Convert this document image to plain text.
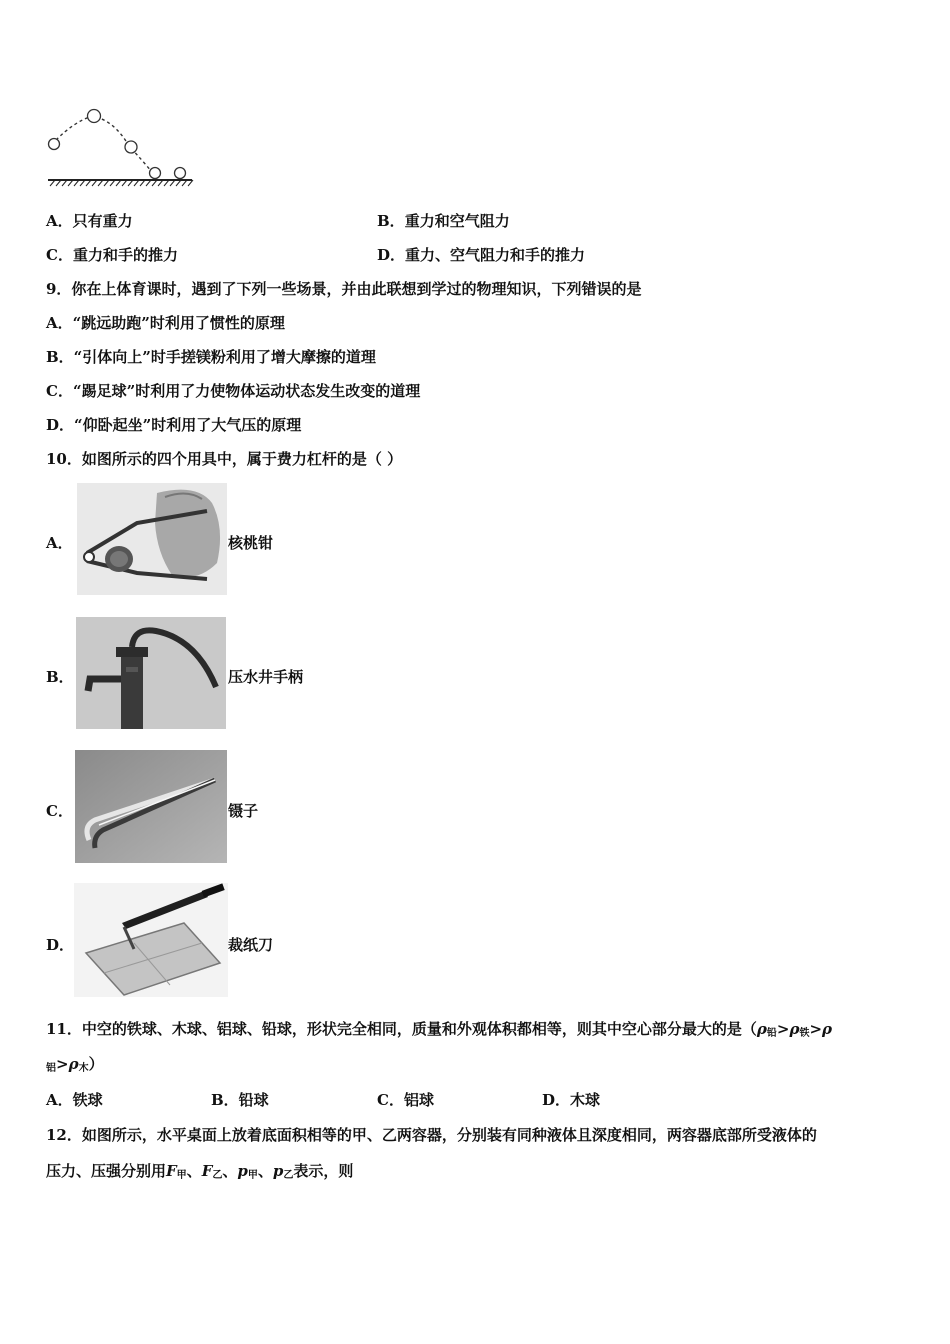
A．只有重力	B．重力和空气阻力
C．重力和手的推力	D．重力、空气阻力和手的推力
9．你在上体育课时，遇到了下列一些场景，并由此联想到学过的物理知识，下列错误的是
A．“跳远助跑”时利用了惯性的原理
B．“引体向上”时手搓镁粉利用了增大摩擦的道理
C．“踢足球”时利用了力使物体运动状态发生改变的道理
D．“仰卧起坐”时利用了大气压的原理
10．如图所示的四个用具中，属于费力杠杆的是（ ）
A．	核桃钳
B．	压水井手柄
C．	镊子
D．	裁纸刀
11．中空的铁球、木球、铝球、铅球，形状完全相同，质量和外观体积都相等，则其中空心部分最大的是（$\rho_铅>\rho_铁>\rho$
$_铝>\rho_木$）
A．铁球	B．铅球	C．铝球	D．木球
12．如图所示，水平桌面上放着底面积相等的甲、乙两容器，分别装有同种液体且深度相同，两容器底部所受液体的
压力、压强分别用$F_甲$、$F_乙$、$p_甲$、$p_乙$表示，则
